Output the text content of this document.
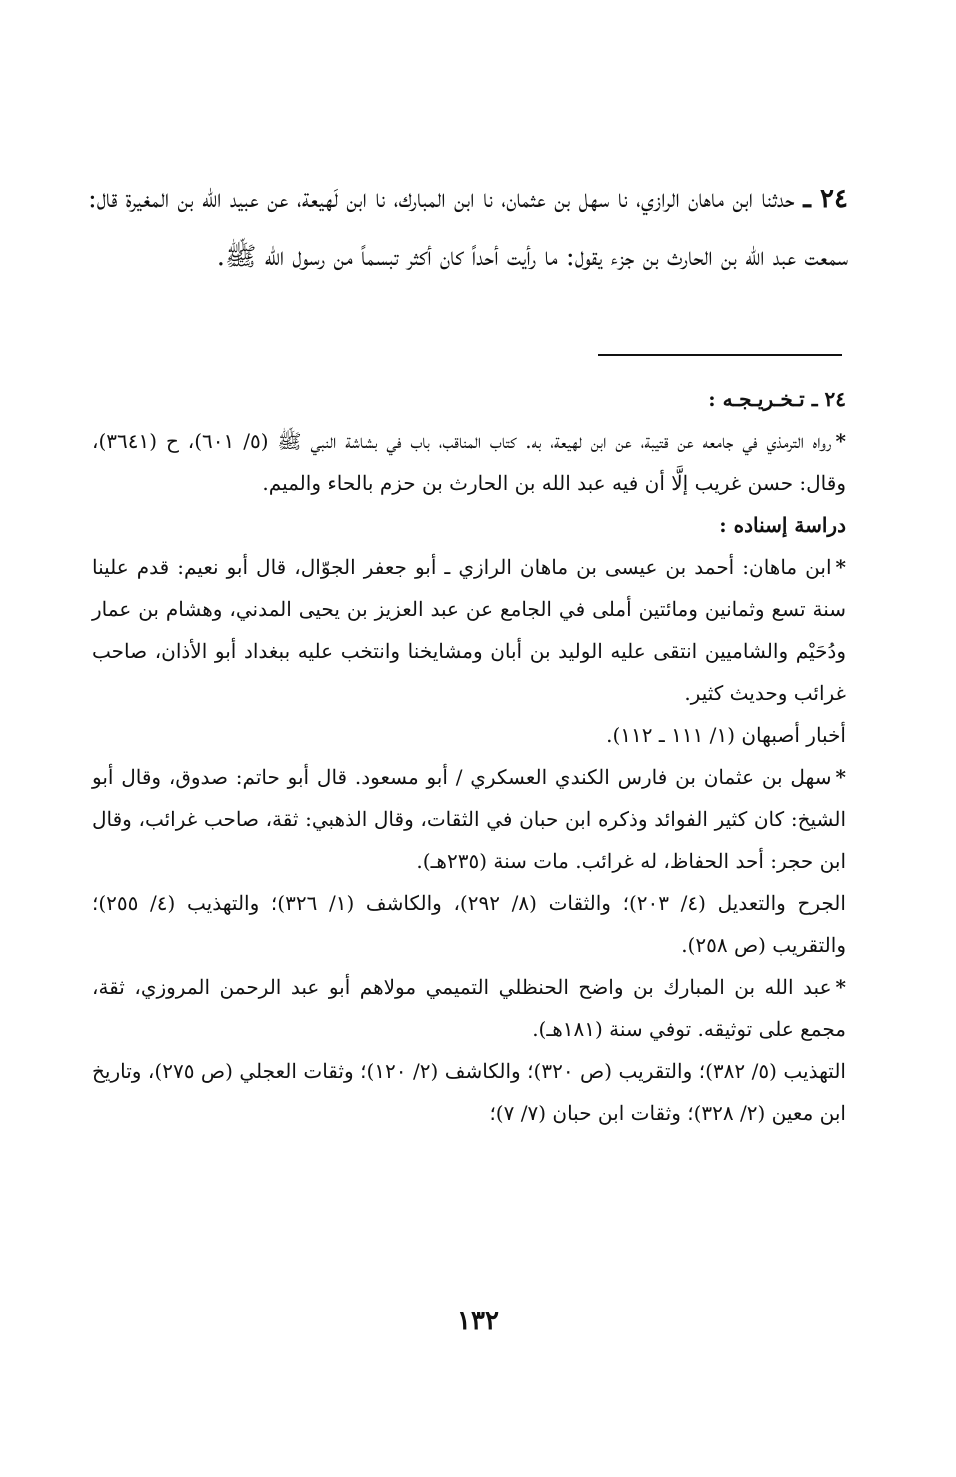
٢٤ ـ حدثنا ابن ماهان الرازي، نا سهل بن عثمان، نا ابن المبارك، نا ابن لَهيعة، عن عبيد الله بن المغيرة قال: سمعت عبد الله بن الحارث بن جزء يقول: ما رأيت أحداً كان أكثر تبسماً من رسول الله ﷺ.

٢٤ ـ تـخـريـجـه :

*رواه الترمذي في جامعه عن قتيبة، عن ابن لهيعة، به. كتاب المناقب، باب في بشاشة النبي ﷺ (٥/ ٦٠١)، ح (٣٦٤١)، وقال: حسن غريب إلَّا أن فيه عبد الله بن الحارث بن حزم بالحاء والميم.

دراسة إسناده :

*ابن ماهان: أحمد بن عيسى بن ماهان الرازي ـ أبو جعفر الجوّال، قال أبو نعيم: قدم علينا سنة تسع وثمانين ومائتين أملى في الجامع عن عبد العزيز بن يحيى المدني، وهشام بن عمار ودُحَيْم والشاميين انتقى عليه الوليد بن أبان ومشايخنا وانتخب عليه ببغداد أبو الأذان، صاحب غرائب وحديث كثير.

أخبار أصبهان (١/ ١١١ ـ ١١٢).

*سهل بن عثمان بن فارس الكندي العسكري / أبو مسعود. قال أبو حاتم: صدوق، وقال أبو الشيخ: كان كثير الفوائد وذكره ابن حبان في الثقات، وقال الذهبي: ثقة، صاحب غرائب، وقال ابن حجر: أحد الحفاظ، له غرائب. مات سنة (٢٣٥هـ).

الجرح والتعديل (٤/ ٢٠٣)؛ والثقات (٨/ ٢٩٢)، والكاشف (١/ ٣٢٦)؛ والتهذيب (٤/ ٢٥٥)؛ والتقريب (ص ٢٥٨).

*عبد الله بن المبارك بن واضح الحنظلي التميمي مولاهم أبو عبد الرحمن المروزي، ثقة، مجمع على توثيقه. توفي سنة (١٨١هـ).

التهذيب (٥/ ٣٨٢)؛ والتقريب (ص ٣٢٠)؛ والكاشف (٢/ ١٢٠)؛ وثقات العجلي (ص ٢٧٥)، وتاريخ ابن معين (٢/ ٣٢٨)؛ وثقات ابن حبان (٧/ ٧)؛

١٣٢
